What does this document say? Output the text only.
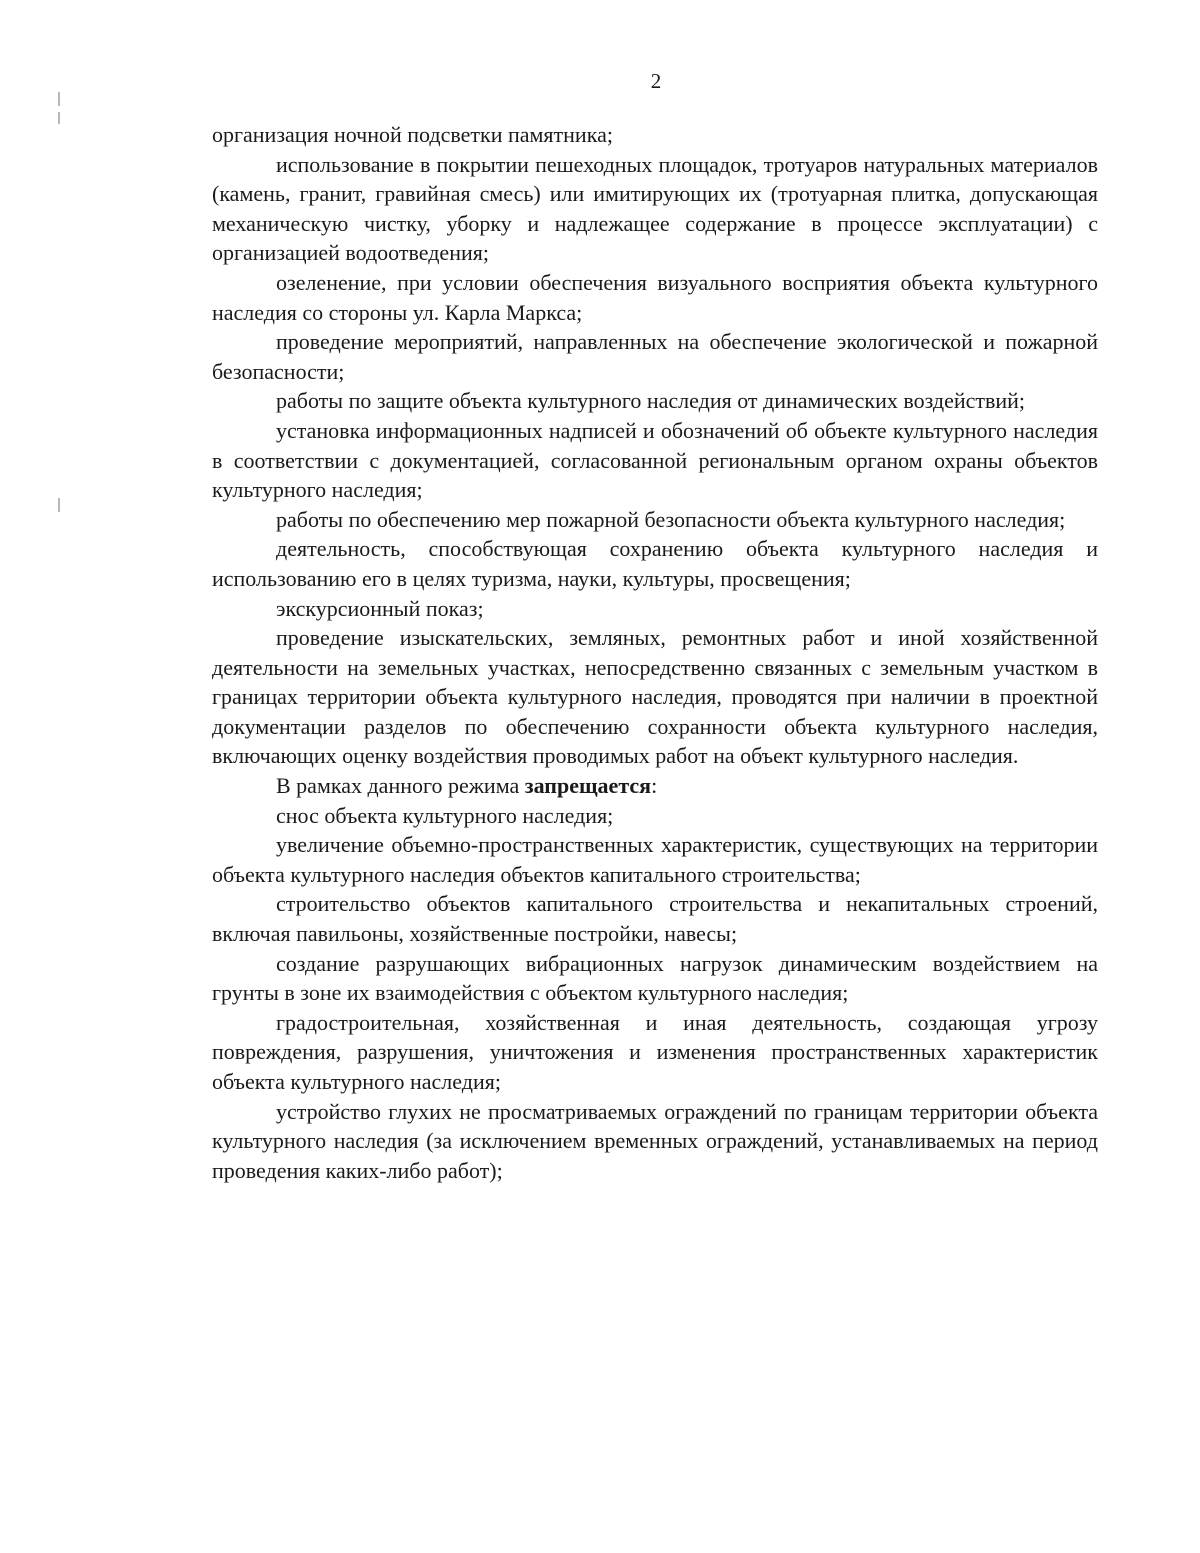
2

организация ночной подсветки памятника;

использование в покрытии пешеходных площадок, тротуаров натуральных материалов (камень, гранит, гравийная смесь) или имитирующих их (тротуарная плитка, допускающая механическую чистку, уборку и надлежащее содержание в процессе эксплуатации) с организацией водоотведения;

озеленение, при условии обеспечения визуального восприятия объекта культурного наследия со стороны ул. Карла Маркса;

проведение мероприятий, направленных на обеспечение экологической и пожарной безопасности;

работы по защите объекта культурного наследия от динамических воздействий;

установка информационных надписей и обозначений об объекте культурного наследия в соответствии с документацией, согласованной региональным органом охраны объектов культурного наследия;

работы по обеспечению мер пожарной безопасности объекта культурного наследия;

деятельность, способствующая сохранению объекта культурного наследия и использованию его в целях туризма, науки, культуры, просвещения;

экскурсионный показ;

проведение изыскательских, земляных, ремонтных работ и иной хозяйственной деятельности на земельных участках, непосредственно связанных с земельным участком в границах территории объекта культурного наследия, проводятся при наличии в проектной документации разделов по обеспечению сохранности объекта культурного наследия, включающих оценку воздействия проводимых работ на объект культурного наследия.

В рамках данного режима запрещается:

снос объекта культурного наследия;

увеличение объемно-пространственных характеристик, существующих на территории объекта культурного наследия объектов капитального строительства;

строительство объектов капитального строительства и некапитальных строений, включая павильоны, хозяйственные постройки, навесы;

создание разрушающих вибрационных нагрузок динамическим воздействием на грунты в зоне их взаимодействия с объектом культурного наследия;

градостроительная, хозяйственная и иная деятельность, создающая угрозу повреждения, разрушения, уничтожения и изменения пространственных характеристик объекта культурного наследия;

устройство глухих не просматриваемых ограждений по границам территории объекта культурного наследия (за исключением временных ограждений, устанавливаемых на период проведения каких-либо работ);
